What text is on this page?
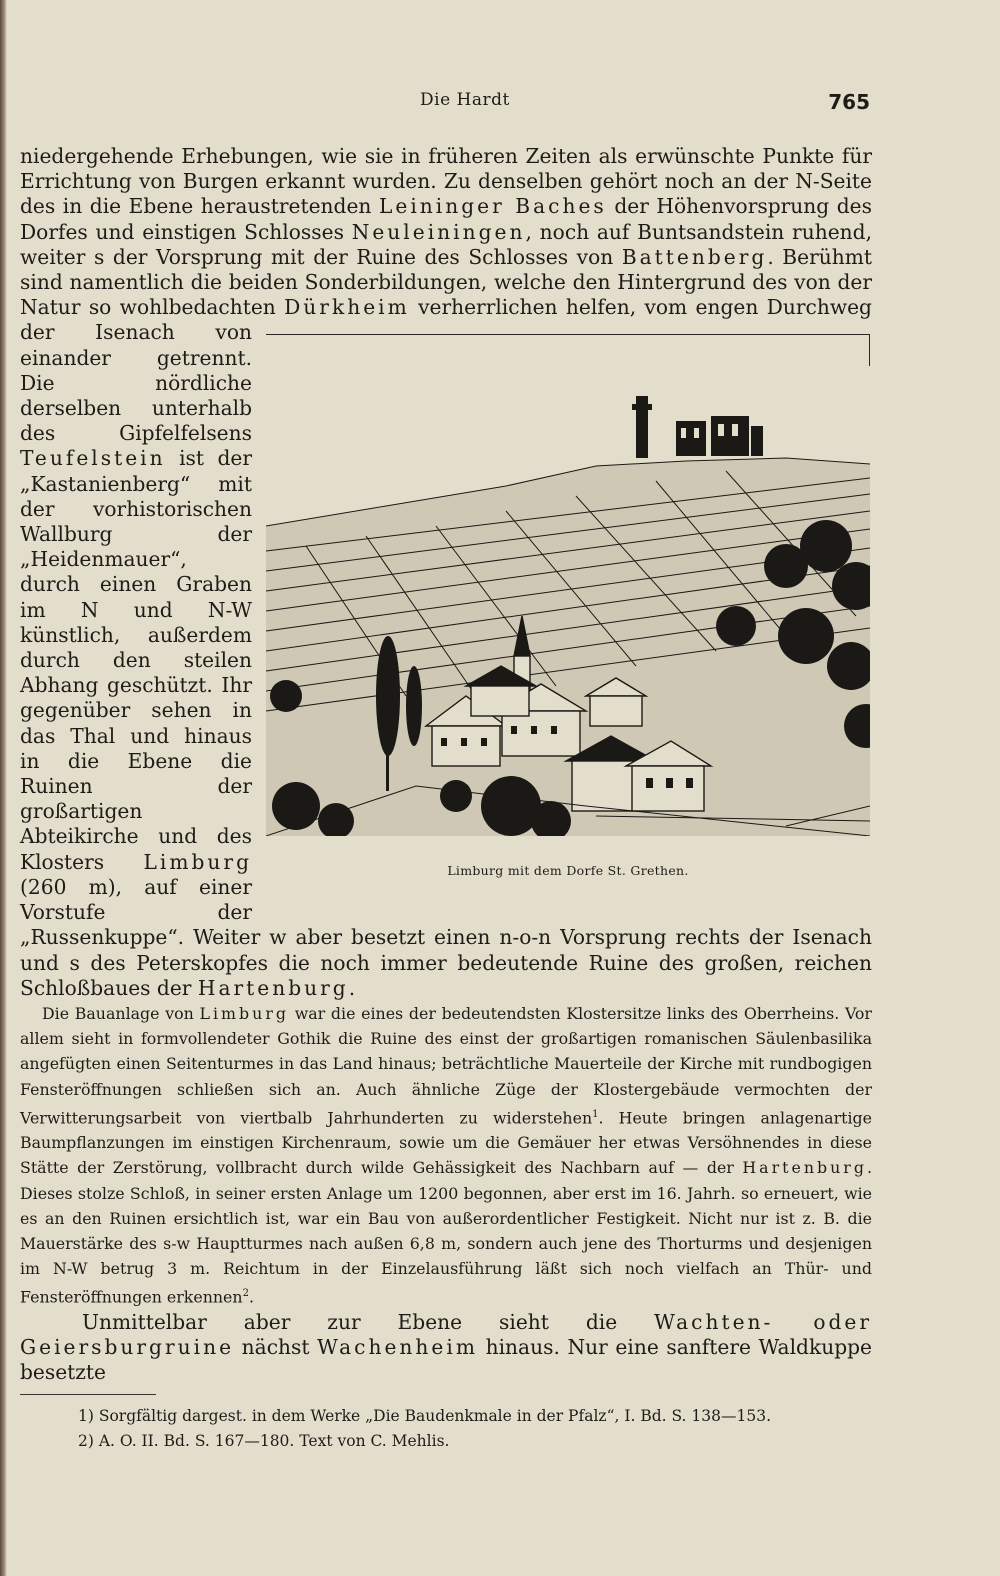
Die Hardt	765

niedergehende Erhebungen, wie sie in früheren Zeiten als erwünschte Punkte für Errichtung von Burgen erkannt wurden. Zu denselben gehört noch an der N-Seite des in die Ebene heraustretenden Leininger Baches der Höhenvorsprung des Dorfes und einstigen Schlosses Neuleiningen, noch auf Buntsandstein ruhend, weiter s der Vorsprung mit der Ruine des Schlosses von Battenberg. Berühmt sind namentlich die beiden Sonderbildungen, welche den Hintergrund des von der Natur so wohlbedachten
Limburg mit dem Dorfe St. Grethen.
Dürkheim verherrlichen helfen, vom engen Durchweg der Isenach von einander getrennt. Die nördliche derselben unterhalb des Gipfelfelsens Teufelstein ist der „Kastanienberg“ mit der vorhistorischen Wallburg der „Heidenmauer“, durch einen Graben im N und N-W künstlich, außerdem durch den steilen Abhang geschützt. Ihr gegenüber sehen in das Thal und hinaus in die Ebene die Ruinen der großartigen Abteikirche und des Klosters Limburg (260 m), auf einer Vorstufe der „Russenkuppe“. Weiter w aber besetzt einen n-o-n Vorsprung rechts der Isenach und s des Peterskopfes die noch immer bedeutende Ruine des großen, reichen Schloßbaues der Hartenburg.

Die Bauanlage von Limburg war die eines der bedeutendsten Klostersitze links des Oberrheins. Vor allem sieht in formvollendeter Gothik die Ruine des einst der großartigen romanischen Säulenbasilika angefügten einen Seitenturmes in das Land hinaus; beträchtliche Mauerteile der Kirche mit rundbogigen Fensteröffnungen schließen sich an. Auch ähnliche Züge der Klostergebäude vermochten der Verwitterungsarbeit von viertbalb Jahrhunderten zu widerstehen$^1$. Heute bringen anlagenartige Baumpflanzungen im einstigen Kirchenraum, sowie um die Gemäuer her etwas Versöhnendes in diese Stätte der Zerstörung, vollbracht durch wilde Gehässigkeit des Nachbarn auf — der Hartenburg. Dieses stolze Schloß, in seiner ersten Anlage um 1200 begonnen, aber erst im 16. Jahrh. so erneuert, wie es an den Ruinen ersichtlich ist, war ein Bau von außerordentlicher Festigkeit. Nicht nur ist z. B. die Mauerstärke des s-w Hauptturmes nach außen 6,8 m, sondern auch jene des Thorturms und desjenigen im N-W betrug 3 m. Reichtum in der Einzelausführung läßt sich noch vielfach an Thür- und Fensteröffnungen erkennen$^2$.

Unmittelbar aber zur Ebene sieht die Wachten- oder Geiersburgruine nächst Wachenheim hinaus. Nur eine sanftere Waldkuppe besetzte

1) Sorgfältig dargest. in dem Werke „Die Baudenkmale in der Pfalz“, I. Bd. S. 138—153.

2) A. O. II. Bd. S. 167—180. Text von C. Mehlis.
